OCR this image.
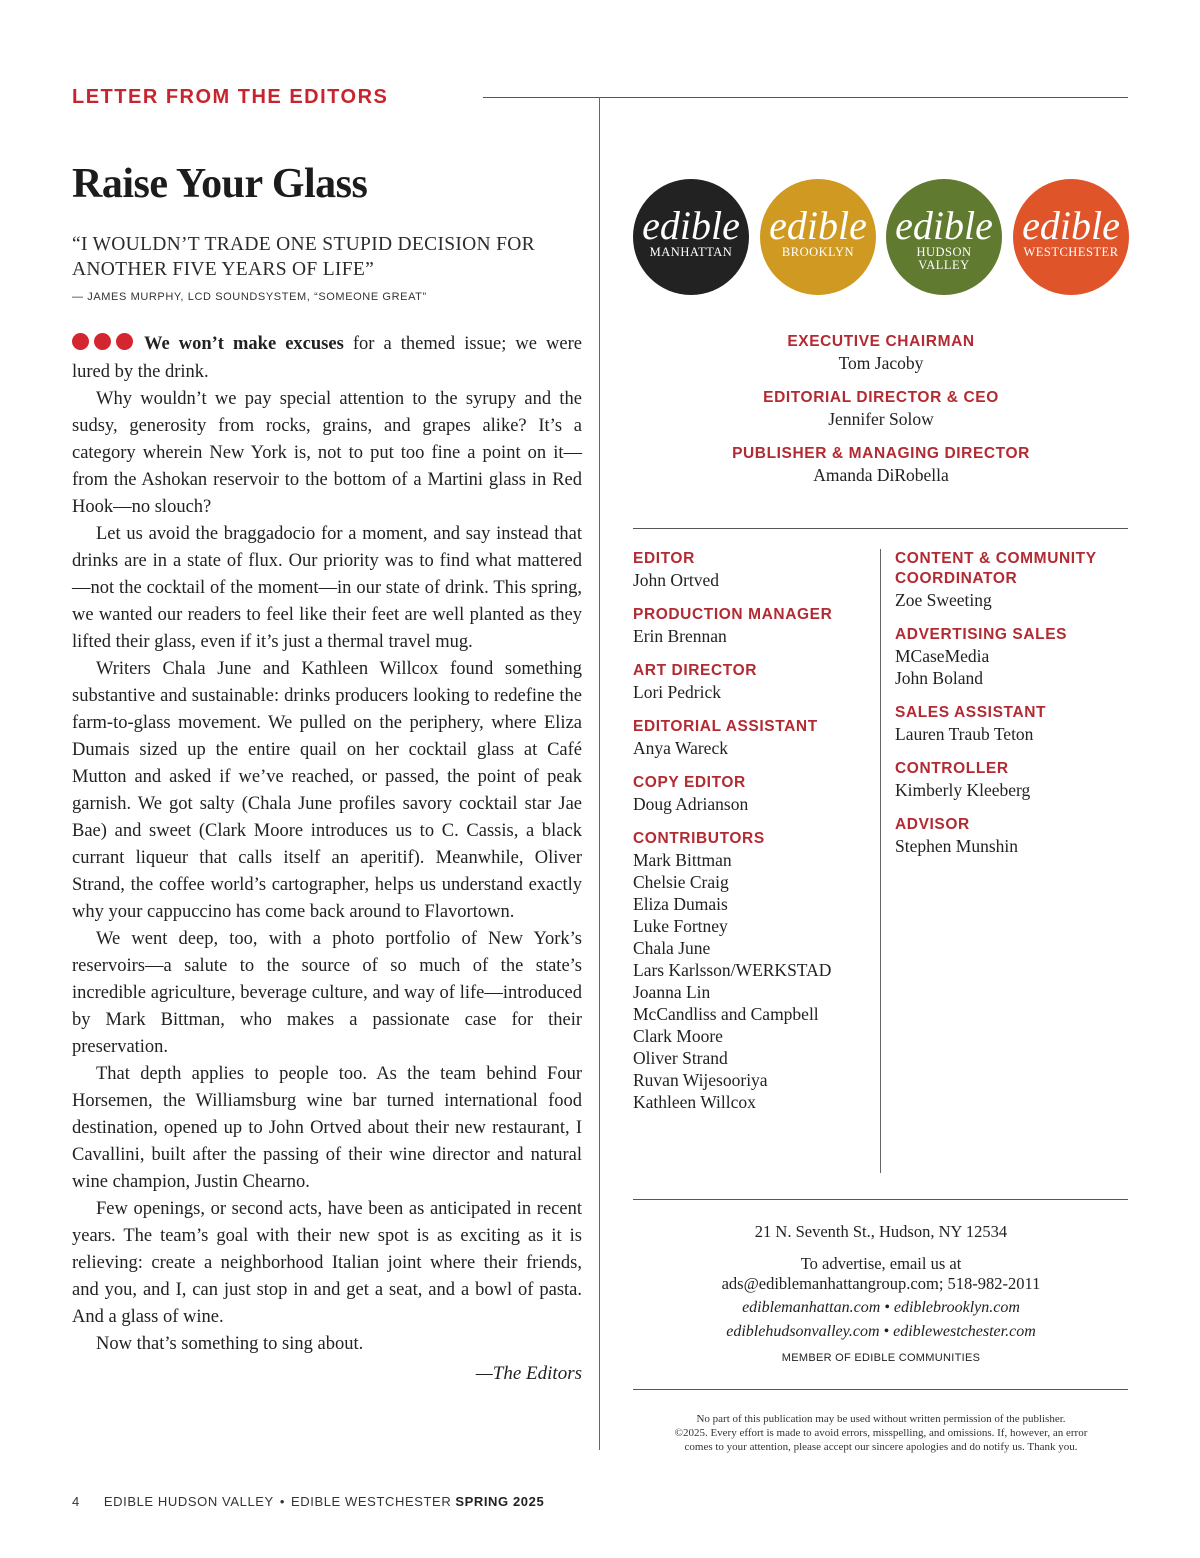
LETTER FROM THE EDITORS
Raise Your Glass

“I WOULDN’T TRADE ONE STUPID DECISION FOR ANOTHER FIVE YEARS OF LIFE”

— JAMES MURPHY, LCD SOUNDSYSTEM, “SOMEONE GREAT”

We won’t make excuses for a themed issue; we were lured by the drink.

Why wouldn’t we pay special attention to the syrupy and the sudsy, generosity from rocks, grains, and grapes alike? It’s a category wherein New York is, not to put too fine a point on it—from the Ashokan reservoir to the bottom of a Martini glass in Red Hook—no slouch?

Let us avoid the braggadocio for a moment, and say instead that drinks are in a state of flux. Our priority was to find what mattered—not the cocktail of the moment—in our state of drink. This spring, we wanted our readers to feel like their feet are well planted as they lifted their glass, even if it’s just a thermal travel mug.

Writers Chala June and Kathleen Willcox found something substantive and sustainable: drinks producers looking to redefine the farm-to-glass movement. We pulled on the periphery, where Eliza Dumais sized up the entire quail on her cocktail glass at Café Mutton and asked if we’ve reached, or passed, the point of peak garnish. We got salty (Chala June profiles savory cocktail star Jae Bae) and sweet (Clark Moore introduces us to C. Cassis, a black currant liqueur that calls itself an aperitif). Meanwhile, Oliver Strand, the coffee world’s cartographer, helps us understand exactly why your cappuccino has come back around to Flavortown.

We went deep, too, with a photo portfolio of New York’s reservoirs—a salute to the source of so much of the state’s incredible agriculture, beverage culture, and way of life—introduced by Mark Bittman, who makes a passionate case for their preservation.

That depth applies to people too. As the team behind Four Horsemen, the Williamsburg wine bar turned international food destination, opened up to John Ortved about their new restaurant, I Cavallini, built after the passing of their wine director and natural wine champion, Justin Chearno.

Few openings, or second acts, have been as anticipated in recent years. The team’s goal with their new spot is as exciting as it is relieving: create a neighborhood Italian joint where their friends, and you, and I, can just stop in and get a seat, and a bowl of pasta. And a glass of wine.

Now that’s something to sing about.

—The Editors
edible
MANHATTAN
edible
BROOKLYN
edible
HUDSON
VALLEY
edible
WESTCHESTER

EXECUTIVE CHAIRMAN

Tom Jacoby

EDITORIAL DIRECTOR & CEO

Jennifer Solow

PUBLISHER & MANAGING DIRECTOR

Amanda DiRobella

EDITOR

John Ortved

PRODUCTION MANAGER

Erin Brennan

ART DIRECTOR

Lori Pedrick

EDITORIAL ASSISTANT

Anya Wareck

COPY EDITOR

Doug Adrianson

CONTRIBUTORS

Mark Bittman

Chelsie Craig

Eliza Dumais

Luke Fortney

Chala June

Lars Karlsson/WERKSTAD

Joanna Lin

McCandliss and Campbell

Clark Moore

Oliver Strand

Ruvan Wijesooriya

Kathleen Willcox

CONTENT & COMMUNITY COORDINATOR

Zoe Sweeting

ADVERTISING SALES

MCaseMedia

John Boland

SALES ASSISTANT

Lauren Traub Teton

CONTROLLER

Kimberly Kleeberg

ADVISOR

Stephen Munshin

21 N. Seventh St., Hudson, NY 12534

To advertise, email us at

ads@ediblemanhattangroup.com; 518-982-2011

ediblemanhattan.com • ediblebrooklyn.com
ediblehudsonvalley.com • ediblewestchester.com

MEMBER OF EDIBLE COMMUNITIES

No part of this publication may be used without written permission of the publisher.
©2025. Every effort is made to avoid errors, misspelling, and omissions. If, however, an error
comes to your attention, please accept our sincere apologies and do notify us. Thank you.

4 EDIBLE HUDSON VALLEY • EDIBLE WESTCHESTER SPRING 2025
